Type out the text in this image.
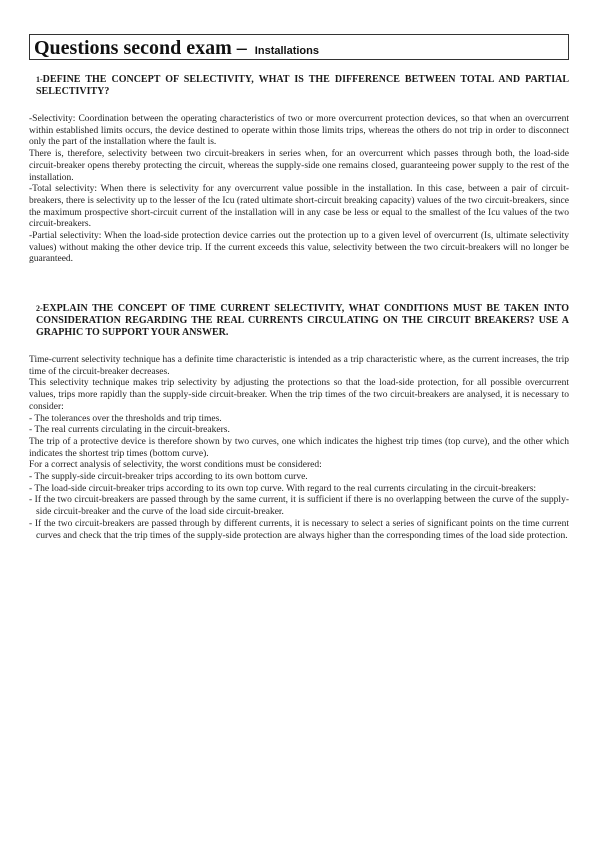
Questions second exam – Installations
1-DEFINE THE CONCEPT OF SELECTIVITY, WHAT IS THE DIFFERENCE BETWEEN TOTAL AND PARTIAL SELECTIVITY?

-Selectivity: Coordination between the operating characteristics of two or more overcurrent protection devices, so that when an overcurrent within established limits occurs, the device destined to operate within those limits trips, whereas the others do not trip in order to disconnect only the part of the installation where the fault is.

There is, therefore, selectivity between two circuit-breakers in series when, for an overcurrent which passes through both, the load-side circuit-breaker opens thereby protecting the circuit, whereas the supply-side one remains closed, guaranteeing power supply to the rest of the installation.

-Total selectivity: When there is selectivity for any overcurrent value possible in the installation. In this case, between a pair of circuit-breakers, there is selectivity up to the lesser of the Icu (rated ultimate short-circuit breaking capacity) values of the two circuit-breakers, since the maximum prospective short-circuit current of the installation will in any case be less or equal to the smallest of the Icu values of the two circuit-breakers.

-Partial selectivity: When the load-side protection device carries out the protection up to a given level of overcurrent (Is, ultimate selectivity values) without making the other device trip. If the current exceeds this value, selectivity between the two circuit-breakers will no longer be guaranteed.

2-EXPLAIN THE CONCEPT OF TIME CURRENT SELECTIVITY, WHAT CONDITIONS MUST BE TAKEN INTO CONSIDERATION REGARDING THE REAL CURRENTS CIRCULATING ON THE CIRCUIT BREAKERS? USE A GRAPHIC TO SUPPORT YOUR ANSWER.

Time-current selectivity technique has a definite time characteristic is intended as a trip characteristic where, as the current increases, the trip time of the circuit-breaker decreases.

This selectivity technique makes trip selectivity by adjusting the protections so that the load-side protection, for all possible overcurrent values, trips more rapidly than the supply-side circuit-breaker. When the trip times of the two circuit-breakers are analysed, it is necessary to consider:

- The tolerances over the thresholds and trip times.

- The real currents circulating in the circuit-breakers.

The trip of a protective device is therefore shown by two curves, one which indicates the highest trip times (top curve), and the other which indicates the shortest trip times (bottom curve).

For a correct analysis of selectivity, the worst conditions must be considered:

- The supply-side circuit-breaker trips according to its own bottom curve.

- The load-side circuit-breaker trips according to its own top curve. With regard to the real currents circulating in the circuit-breakers:

- If the two circuit-breakers are passed through by the same current, it is sufficient if there is no overlapping between the curve of the supply-side circuit-breaker and the curve of the load side circuit-breaker.

- If the two circuit-breakers are passed through by different currents, it is necessary to select a series of significant points on the time current curves and check that the trip times of the supply-side protection are always higher than the corresponding times of the load side protection.
